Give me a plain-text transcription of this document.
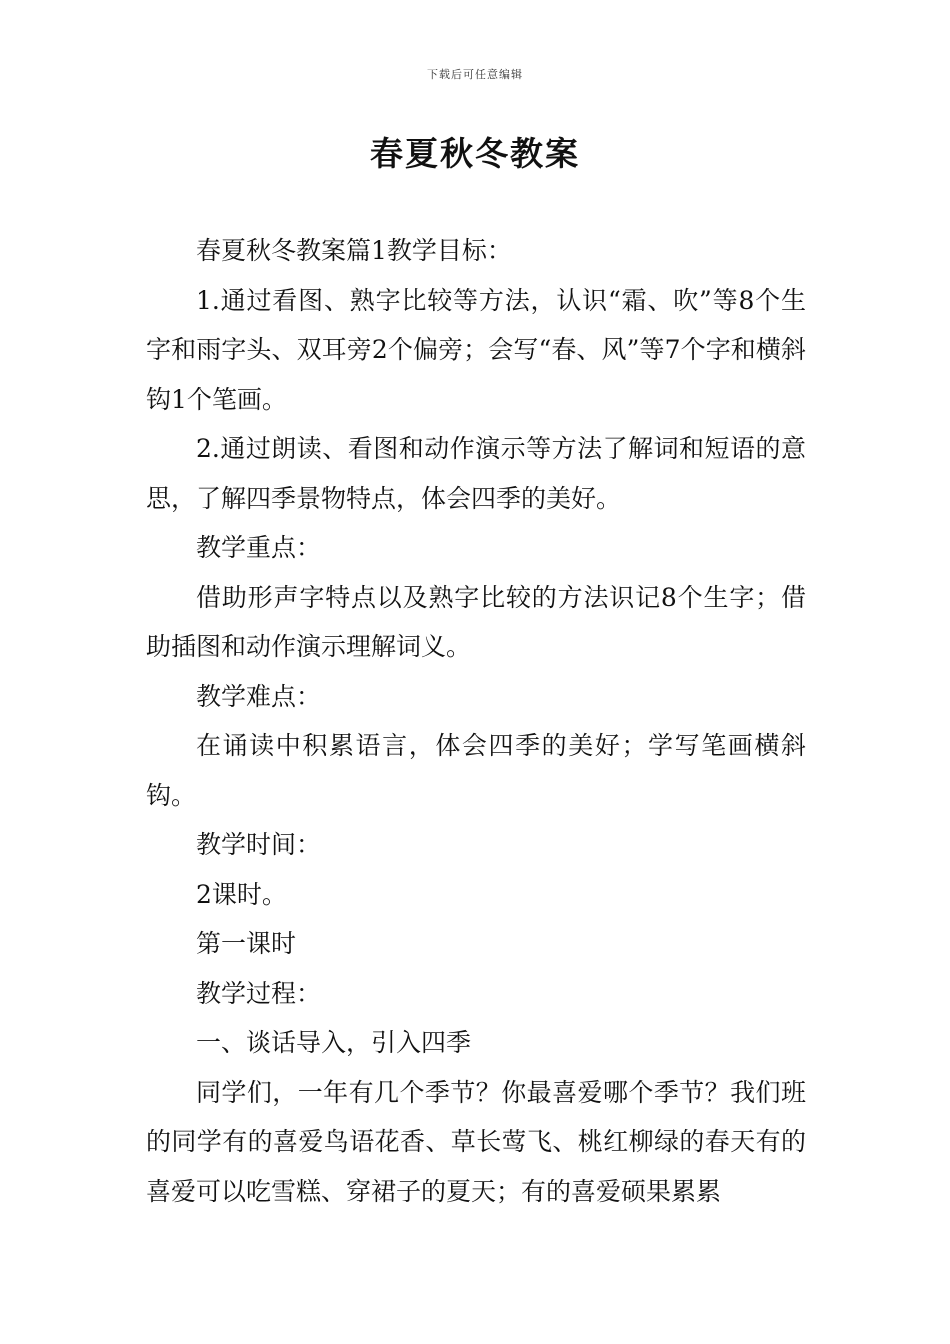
下载后可任意编辑
春夏秋冬教案

春夏秋冬教案篇1教学目标：

1.通过看图、熟字比较等方法，认识“霜、吹”等8个生字和雨字头、双耳旁2个偏旁；会写“春、风”等7个字和横斜钩1个笔画。

2.通过朗读、看图和动作演示等方法了解词和短语的意思，了解四季景物特点，体会四季的美好。

教学重点：

借助形声字特点以及熟字比较的方法识记8个生字；借助插图和动作演示理解词义。

教学难点：

在诵读中积累语言，体会四季的美好；学写笔画横斜钩。

教学时间：

2课时。

第一课时

教学过程：

一、谈话导入，引入四季

同学们，一年有几个季节？你最喜爱哪个季节？我们班的同学有的喜爱鸟语花香、草长莺飞、桃红柳绿的春天有的喜爱可以吃雪糕、穿裙子的夏天；有的喜爱硕果累累
